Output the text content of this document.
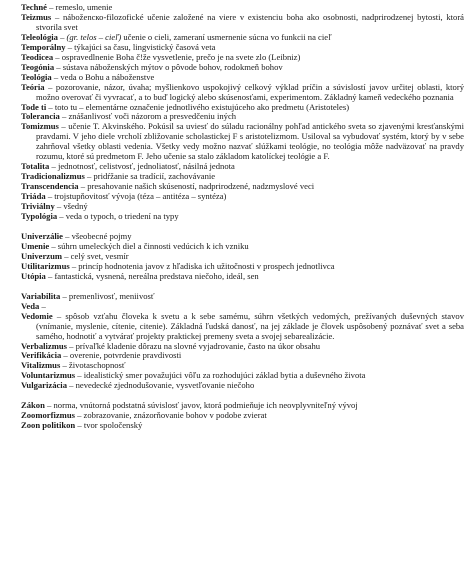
Techné – remeslo, umenie
Teizmus – náboženско-filozofické učenie založené na viere v existenciu boha ako osobnosti, nadprirodzenej bytosti, ktorá stvorila svet
Teleológia – (gr. telos – cieľ) učenie o cieli, zameraní usmernenie súcna vo funkcii na cieľ
Temporálny – týkajúci sa času, lingvistický časová veta
Teodicea – ospravedlnenie Boha č!že vysvetlenie, prečo je na svete zlo (Leibniz)
Teogónia – sústava náboženských mýtov o pôvode bohov, rodokmeň bohov
Teológia – veda o Bohu a náboženstve
Teória – pozorovanie, názor, úvaha; myšlienkovo uspokojivý celkový výklad príčin a súvislostí javov určitej oblasti, ktorý možno overovať či vyvracať, a to buď logický alebo skúsenosťami, experimentom. Základný kameň vedeckého poznania
Tode ti – toto tu – elementárne označenie jednotlivého existujúceho ako predmetu (Aristoteles)
Tolerancia – znášanlivosť voči názorom a presvedčeniu iných
Tomizmus – učenie T. Akvinského. Pokúsil sa uviesť do súladu racionálny pohľad antického sveta so zjavenými kresťanskými pravdami. V jeho diele vrcholí zbližovanie scholastickej F s aristotelizmom. Usiloval sa vybudovať systém, ktorý by v sebe zahrňoval všetky oblasti vedenia. Všetky vedy možno nazvať slúžkami teológie, no teológia môže nadväzovať na pravdy rozumu, ktoré sú predmetom F. Jeho učenie sa stalo základom katolíckej teológie a F.
Totalita – jednotnosť, celistvosť, jednoliatosť, násilná jednota
Tradicionalizmus – pridŕžanie sa tradícií, zachovávanie
Transcendencia – presahovanie našich skúseností, nadprirodzené, nadzmyslové veci
Triáda – trojstupňovitosť vývoja (téza – antitéza – syntéza)
Triviálny – všedný
Typológia – veda o typoch, o triedení na typy
Univerzálie – všeobecné pojmy
Umenie – súhrn umeleckých diel a činnosti vedúcich k ich vzniku
Univerzum – celý svet, vesmír
Utilitarizmus – princíp hodnotenia javov z hľadiska ich užitočnosti v prospech jednotlivca
Utópia – fantastická, vysnená, nereálna predstava niečoho, ideál, sen
Variabilita – premenlivosť, meniivosť
Veda –
Vedomie – spôsob vzťahu človeka k svetu a k sebe samému, súhrn všetkých vedomých, prežívaných duševných stavov (vnímanie, myslenie, cítenie, citenie). Základná ľudská danosť, na jej základe je človek uspôsobený poznávať svet a seba samého, hodnotiť a vytvárať projekty praktickej premeny sveta a svojej sebarealizácie.
Verbalizmus – prívaľké kladenie dôrazu na slovné vyjadrovanie, často na úkor obsahu
Verifikácia – overenie, potvrdenie pravdivosti
Vitalizmus – životaschopnosť
Voluntarizmus – idealistický smer považujúci vôľu za rozhodujúci základ bytia a duševného života
Vulgarizácia – nevedecké zjednodušovanie, vysvetľovanie niečoho
Zákon – norma, vnútorná podstatná súvislosť javov, ktorá podmieňuje ich neovplyvniteľný vývoj
Zoomorfizmus – zobrazovanie, znázorňovanie bohov v podobe zvierat
Zoon politikon – tvor spoločenský
